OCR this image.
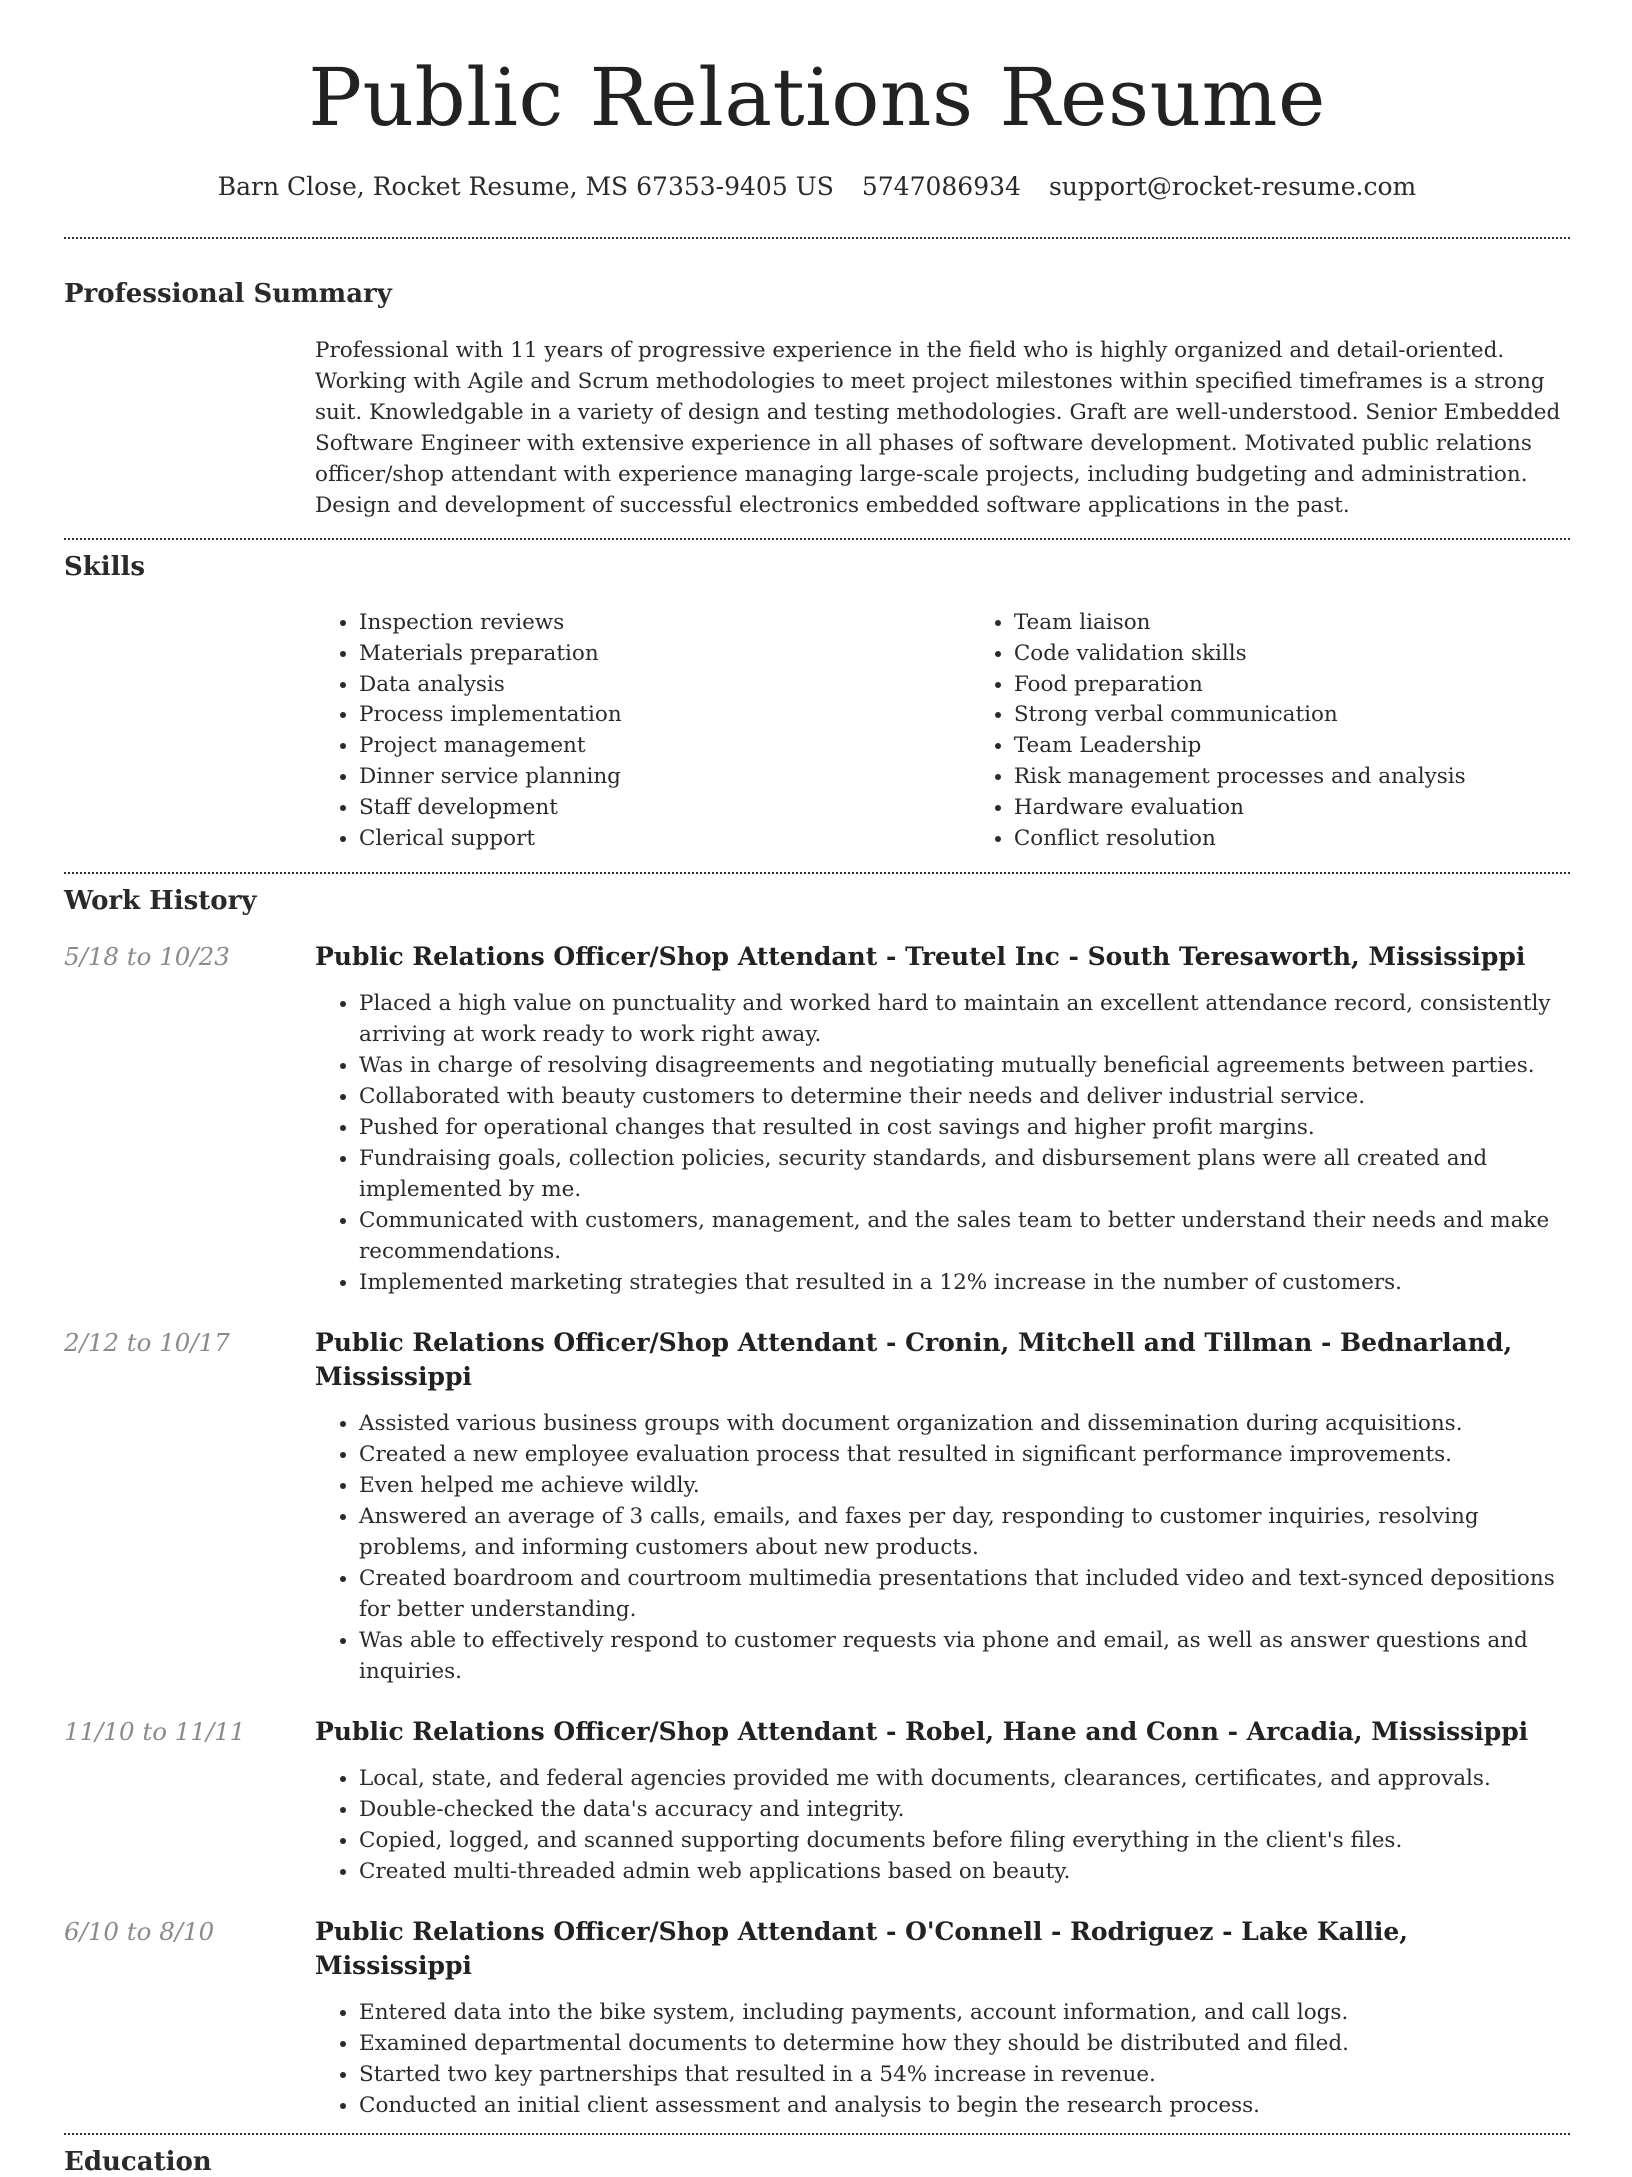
Public Relations Resume
Barn Close, Rocket Resume, MS 67353-9405 US 5747086934 support@rocket-resume.com
Professional Summary

Professional with 11 years of progressive experience in the field who is highly organized and detail-oriented. Working with Agile and Scrum methodologies to meet project milestones within specified timeframes is a strong suit. Knowledgable in a variety of design and testing methodologies. Graft are well-understood. Senior Embedded Software Engineer with extensive experience in all phases of software development. Motivated public relations officer/shop attendant with experience managing large-scale projects, including budgeting and administration. Design and development of successful electronics embedded software applications in the past.

Skills
• Inspection reviews
• Materials preparation
• Data analysis
• Process implementation
• Project management
• Dinner service planning
• Staff development
• Clerical support
• Team liaison
• Code validation skills
• Food preparation
• Strong verbal communication
• Team Leadership
• Risk management processes and analysis
• Hardware evaluation
• Conflict resolution
Work History
5/18 to 10/23	Public Relations Officer/Shop Attendant - Treutel Inc - South Teresaworth, Mississippi
• Placed a high value on punctuality and worked hard to maintain an excellent attendance record, consistently arriving at work ready to work right away.
• Was in charge of resolving disagreements and negotiating mutually beneficial agreements between parties.
• Collaborated with beauty customers to determine their needs and deliver industrial service.
• Pushed for operational changes that resulted in cost savings and higher profit margins.
• Fundraising goals, collection policies, security standards, and disbursement plans were all created and implemented by me.
• Communicated with customers, management, and the sales team to better understand their needs and make recommendations.
• Implemented marketing strategies that resulted in a 12% increase in the number of customers.
2/12 to 10/17	Public Relations Officer/Shop Attendant - Cronin, Mitchell and Tillman - Bednarland, Mississippi
• Assisted various business groups with document organization and dissemination during acquisitions.
• Created a new employee evaluation process that resulted in significant performance improvements.
• Even helped me achieve wildly.
• Answered an average of 3 calls, emails, and faxes per day, responding to customer inquiries, resolving problems, and informing customers about new products.
• Created boardroom and courtroom multimedia presentations that included video and text-synced depositions for better understanding.
• Was able to effectively respond to customer requests via phone and email, as well as answer questions and inquiries.
11/10 to 11/11	Public Relations Officer/Shop Attendant - Robel, Hane and Conn - Arcadia, Mississippi
• Local, state, and federal agencies provided me with documents, clearances, certificates, and approvals.
• Double-checked the data's accuracy and integrity.
• Copied, logged, and scanned supporting documents before filing everything in the client's files.
• Created multi-threaded admin web applications based on beauty.
6/10 to 8/10	Public Relations Officer/Shop Attendant - O'Connell - Rodriguez - Lake Kallie, Mississippi
• Entered data into the bike system, including payments, account information, and call logs.
• Examined departmental documents to determine how they should be distributed and filed.
• Started two key partnerships that resulted in a 54% increase in revenue.
• Conducted an initial client assessment and analysis to begin the research process.
Education
